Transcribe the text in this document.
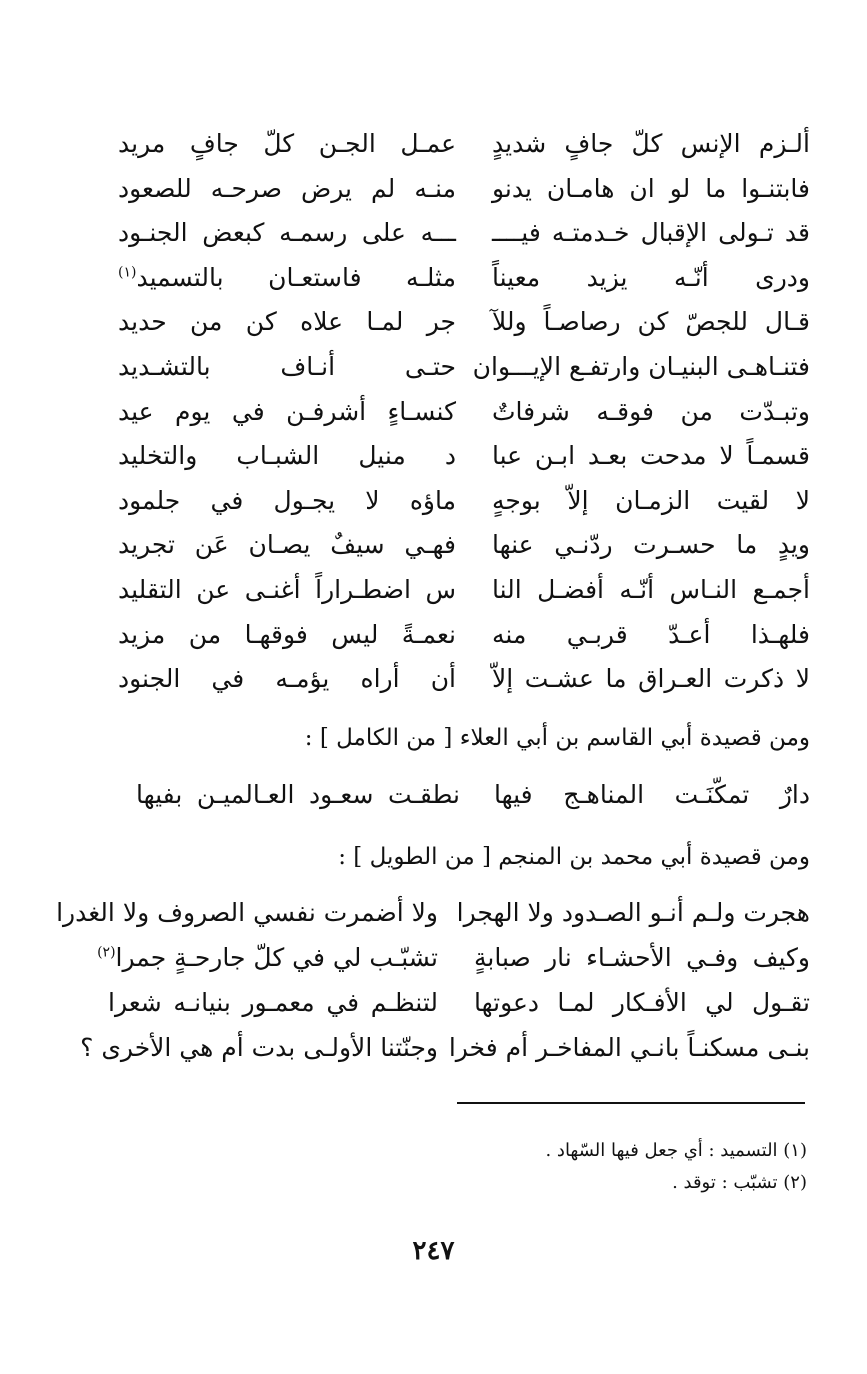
ألـزم الإنس كلّ جافٍ شديدٍ
عمـل الجـن كلّ جافٍ مريد
فابتنـوا ما لو ان هامـان يدنو
منـه لم يرض صرحـه للصعود
قد تـولى الإقبال خـدمتـه فيــــ
ـــه على رسمـه كبعض الجنـود
ودرى أنّـه يزيد معيناً
مثلـه فاستعـان بالتسميد$^{(١)}$
قـال للجصّ كن رصاصـاً وللآ
جر لمـا علاه كن من حديد
فتنـاهـى البنيـان وارتفـع الإيـــوان
حتـى أنـاف بالتشـديد
وتبـدّت من فوقـه شرفاتٌ
كنسـاءٍ أشرفـن في يوم عيد
قسمـاً لا مدحت بعـد ابـن عبا
د منيل الشبـاب والتخليد
لا لقيت الزمـان إلاّ بوجهٍ
ماؤه لا يجـول في جلمود
ويدٍ ما حسـرت ردّنـي عنها
فهـي سيفٌ يصـان عَن تجريد
أجمـع النـاس أنّـه أفضـل النا
س اضطـراراً أغنـى عن التقليد
فلهـذا أعـدّ قربـي منه
نعمـةً ليس فوقهـا من مزيد
لا ذكرت العـراق ما عشـت إلاّ
أن أراه يؤمـه في الجنود
ومن قصيدة أبي القاسم بن أبي العلاء [ من الكامل ] :
دارٌ تمكّنَـت المناهـج فيها
نطقـت سعـود العـالميـن بفيها
ومن قصيدة أبي محمد بن المنجم [ من الطويل ] :
هجرت ولـم أنـو الصـدود ولا الهجرا
ولا أضمرت نفسي الصروف ولا الغدرا
وكيف وفـي الأحشـاء نار صبابةٍ
تشبّـب لي في كلّ جارحـةٍ جمرا$^{(٢)}$
تقـول لي الأفـكار لمـا دعوتها
لتنظـم في معمـور بنيانـه شعرا
بنـى مسكنـاً بانـي المفاخـر أم فخرا
وجنّتنا الأولـى بدت أم هي الأخرى ؟
(١) التسميد : أي جعل فيها السّهاد .
(٢) تشبّب : توقد .
٢٤٧
